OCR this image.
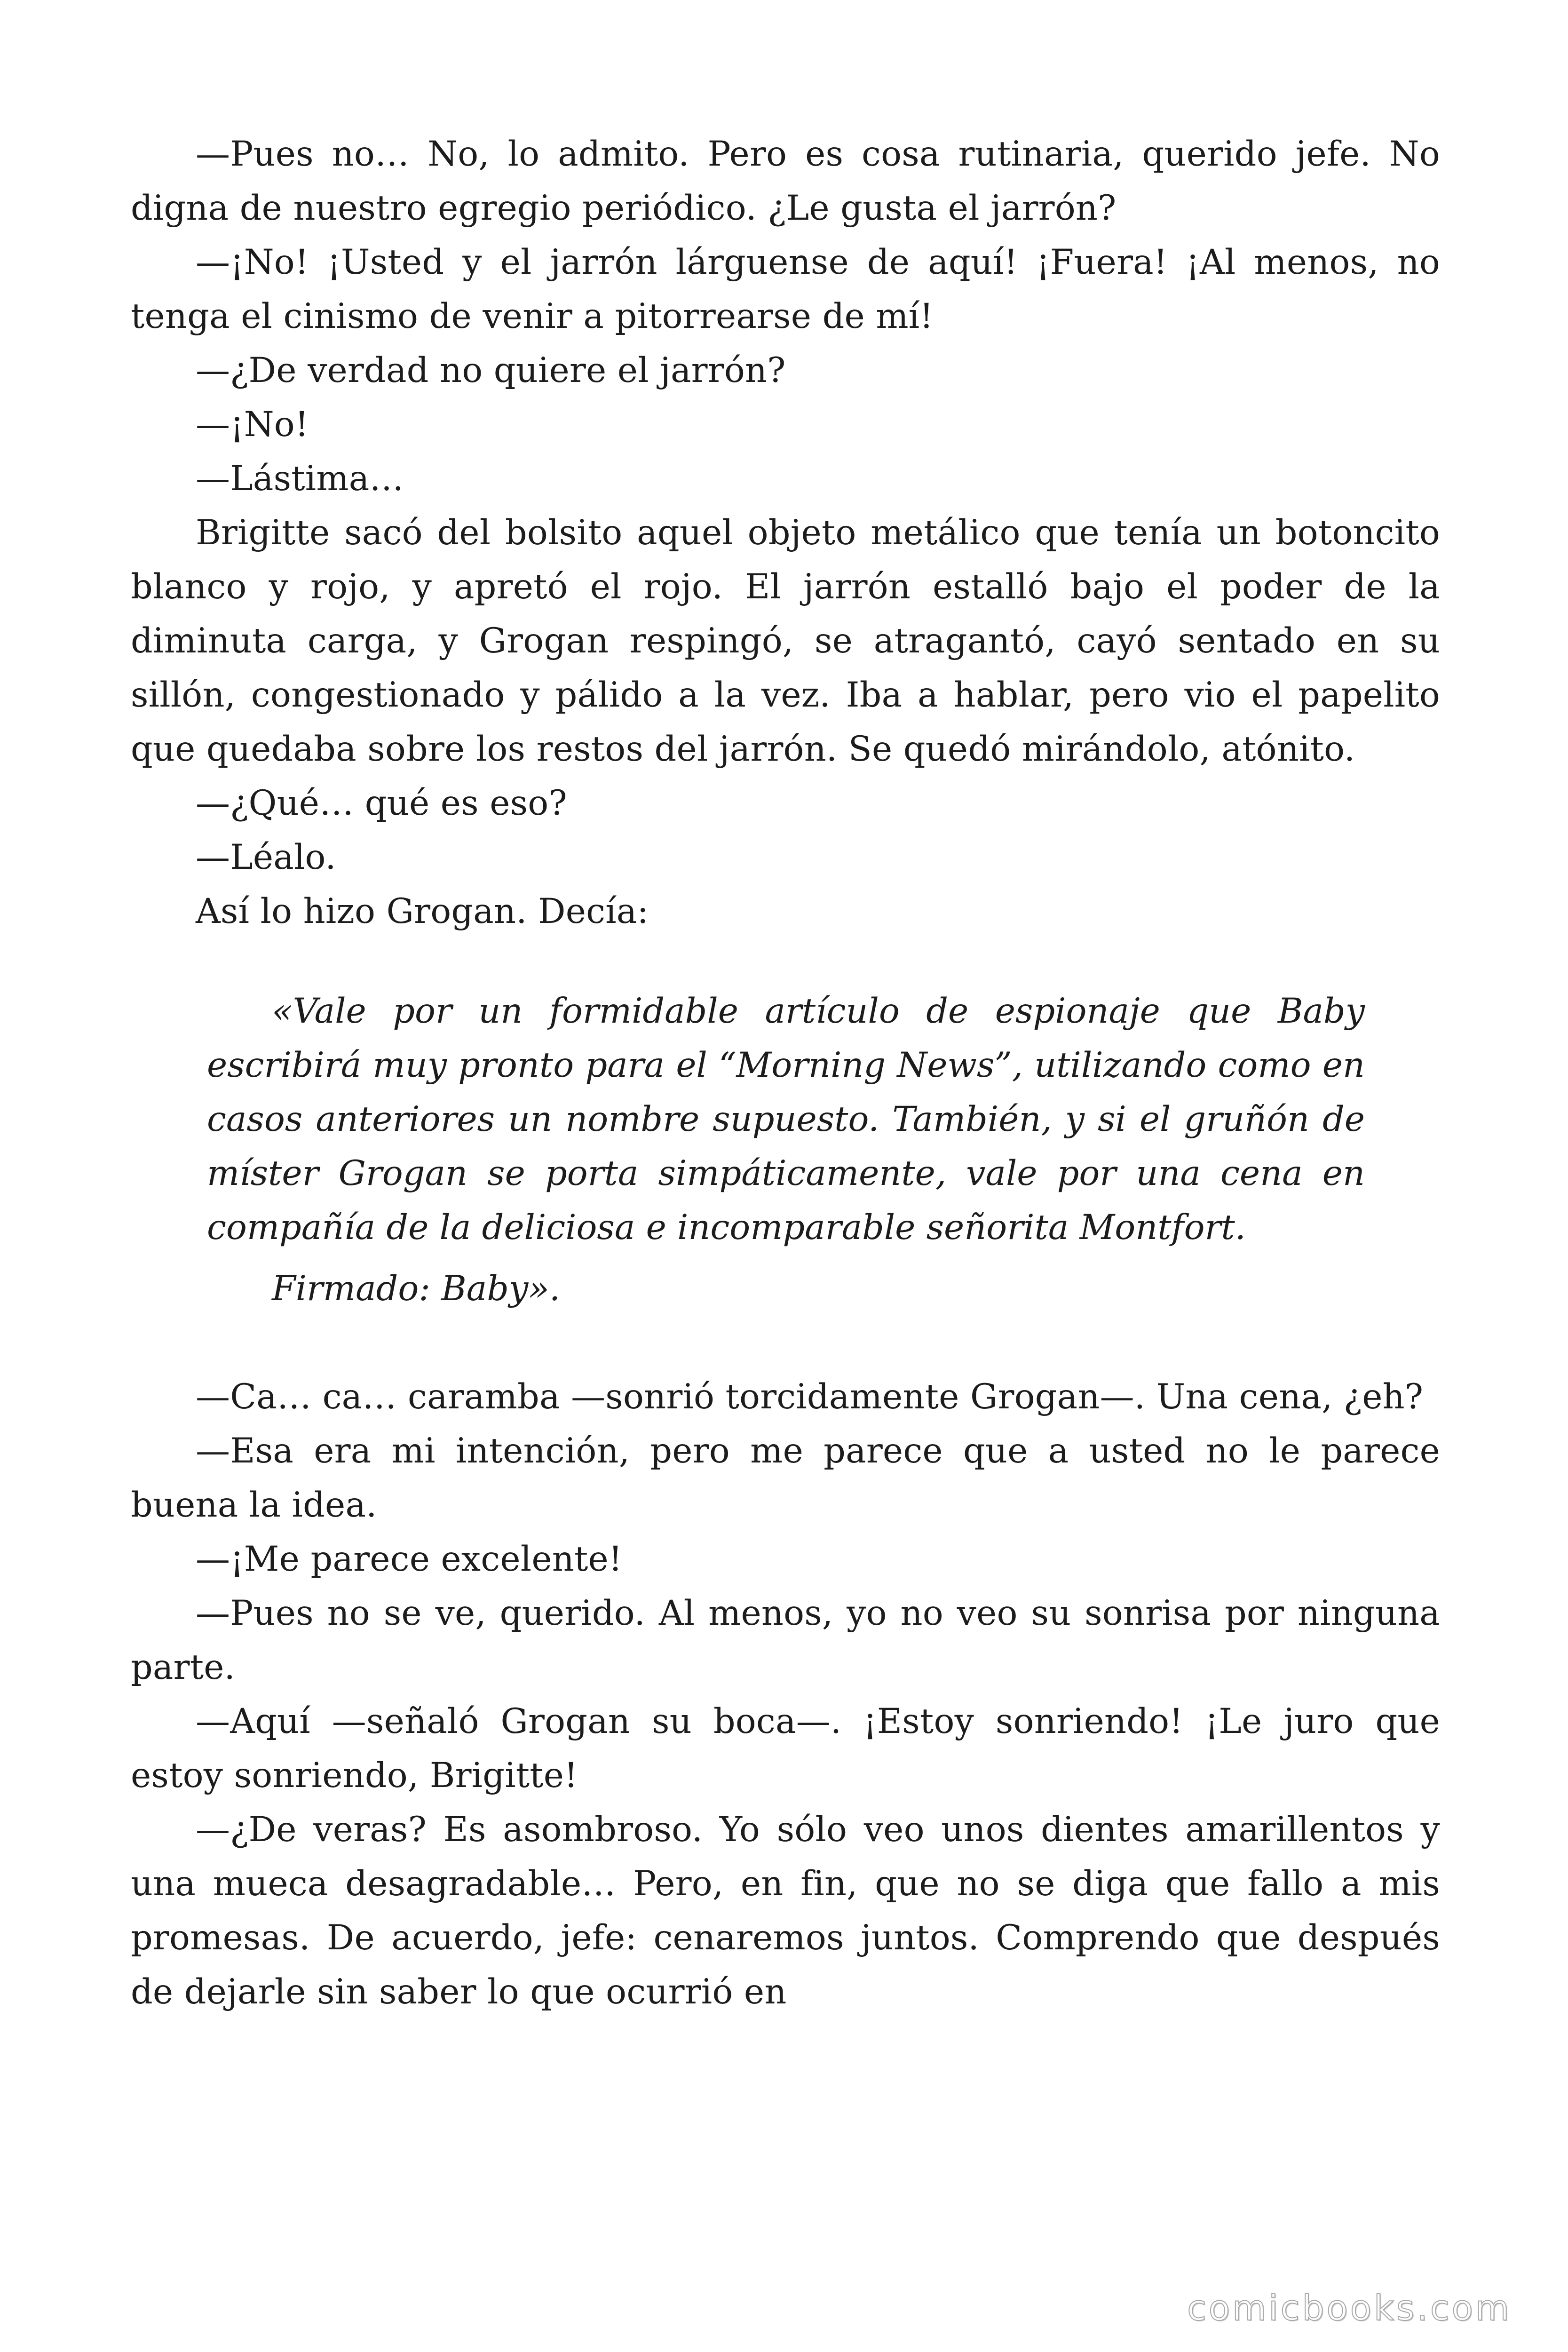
—Pues no… No, lo admito. Pero es cosa rutinaria, querido jefe. No digna de nuestro egregio periódico. ¿Le gusta el jarrón?

—¡No! ¡Usted y el jarrón lárguense de aquí! ¡Fuera! ¡Al menos, no tenga el cinismo de venir a pitorrearse de mí!

—¿De verdad no quiere el jarrón?

—¡No!

—Lástima…

Brigitte sacó del bolsito aquel objeto metálico que tenía un botoncito blanco y rojo, y apretó el rojo. El jarrón estalló bajo el poder de la diminuta carga, y Grogan respingó, se atragantó, cayó sentado en su sillón, congestionado y pálido a la vez. Iba a hablar, pero vio el papelito que quedaba sobre los restos del jarrón. Se quedó mirándolo, atónito.

—¿Qué… qué es eso?

—Léalo.

Así lo hizo Grogan. Decía:

«Vale por un formidable artículo de espionaje que Baby escribirá muy pronto para el “Morning News”, utilizando como en casos anteriores un nombre supuesto. También, y si el gruñón de míster Grogan se porta simpáticamente, vale por una cena en compañía de la deliciosa e incomparable señorita Montfort.

Firmado: Baby».

—Ca… ca… caramba —sonrió torcidamente Grogan—. Una cena, ¿eh?

—Esa era mi intención, pero me parece que a usted no le parece buena la idea.

—¡Me parece excelente!

—Pues no se ve, querido. Al menos, yo no veo su sonrisa por ninguna parte.

—Aquí —señaló Grogan su boca—. ¡Estoy sonriendo! ¡Le juro que estoy sonriendo, Brigitte!

—¿De veras? Es asombroso. Yo sólo veo unos dientes amarillentos y una mueca desagradable… Pero, en fin, que no se diga que fallo a mis promesas. De acuerdo, jefe: cenaremos juntos. Comprendo que después de dejarle sin saber lo que ocurrió en

comicbooks.com
